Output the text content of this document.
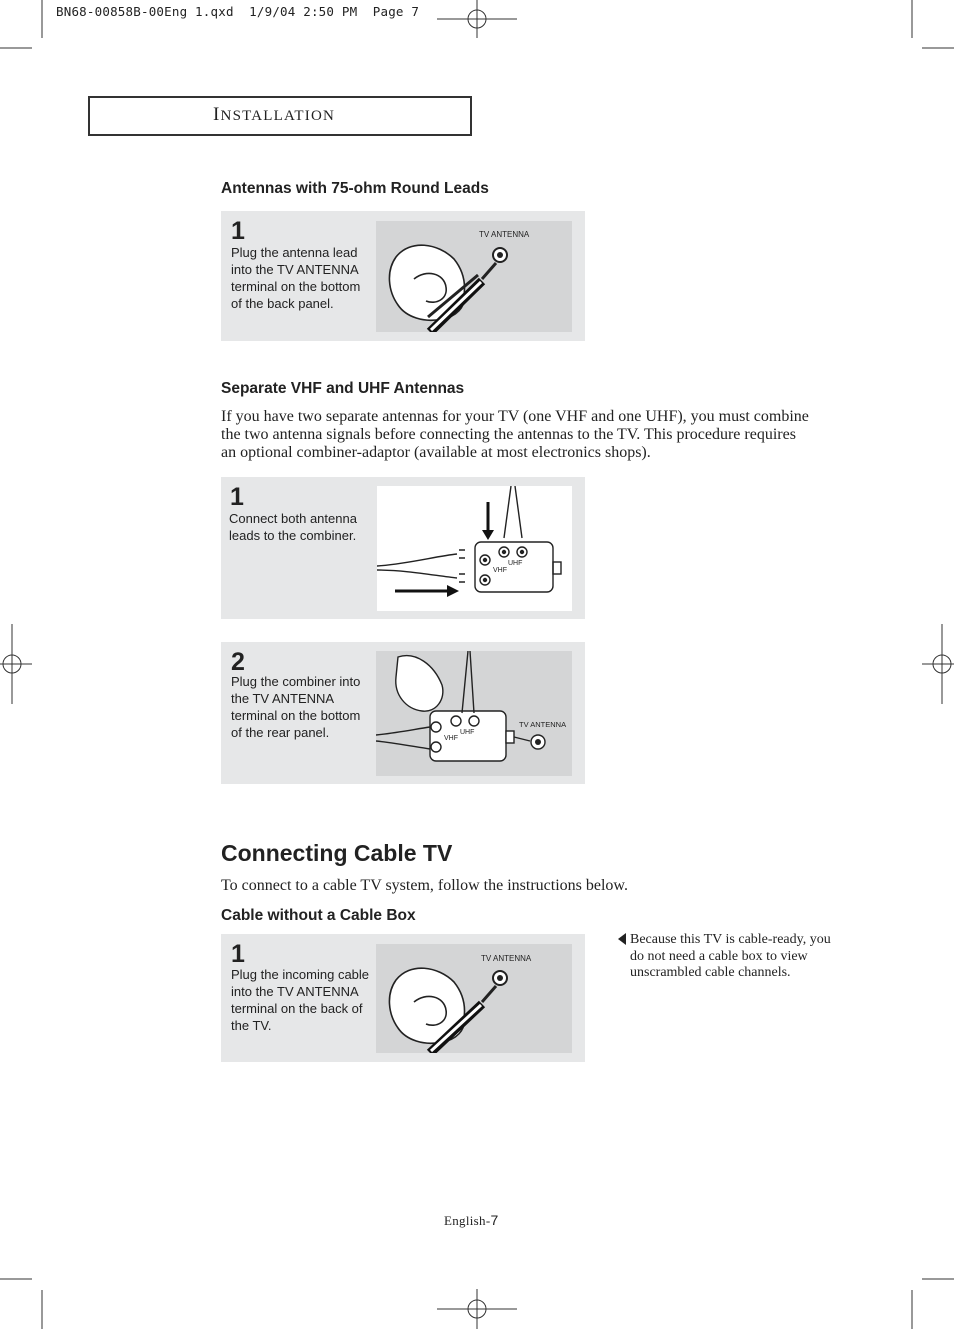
BN68-00858B-00Eng 1.qxd  1/9/04 2:50 PM  Page 7
INSTALLATION
Antennas with 75-ohm Round Leads
1
Plug the antenna lead into the TV ANTENNA terminal on the bottom of the back panel.
TV ANTENNA
Separate VHF and UHF Antennas
If you have two separate antennas for your TV (one VHF and one UHF), you must combine the two antenna signals before connecting the antennas to the TV. This procedure requires an optional combiner-adaptor (available at most electronics shops).
1
Connect both antenna leads to the combiner.
VHF
UHF
2
Plug the combiner into the TV ANTENNA terminal on the bottom of the rear panel.	VHF
UHF
TV ANTENNA
Connecting Cable TV
To connect to a cable TV system, follow the instructions below.
Cable without a Cable Box
1
Plug the incoming cable into the TV ANTENNA terminal on the back of the TV.
TV ANTENNA
Because this TV is cable-ready, you do not need a cable box to view unscrambled cable channels.
English-7
